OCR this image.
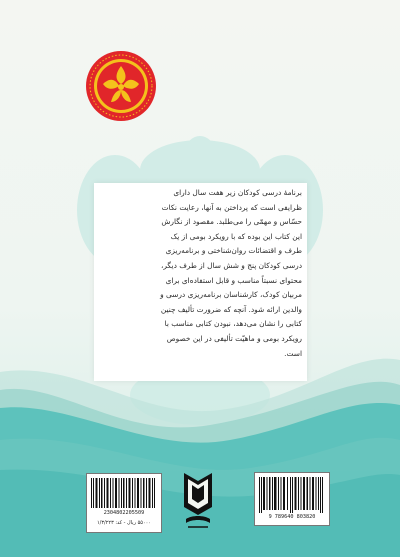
برنامهٔ درسی کودکان زیر هفت سال دارای
ظرایفی است که پرداختن به آنها، رعایت نکات
حسّاس و مهمّی را می‌طلبد. مقصود از نگارش
این کتاب این بوده که با رویکرد بومی از یک
طرف و اقتضائات روان‌شناختی و برنامه‌ریزی
درسی کودکان پنج و شش سال از طرف دیگر،
محتوای نسبتاً مناسب و قابل استفاده‌ای برای
مربیان کودک، کارشناسان برنامه‌ریزی درسی و
والدین ارائه شود. آنچه که ضرورت تألیف چنین
کتابی را نشان می‌دهد، نبودن کتابی مناسب با
رویکرد بومی و ماهیّت تألیفی در این خصوص
است.
2304802205509
۵۵۰۰۰ ریال - کد: ۱/۳/۲۲۳
9 789640 803820
